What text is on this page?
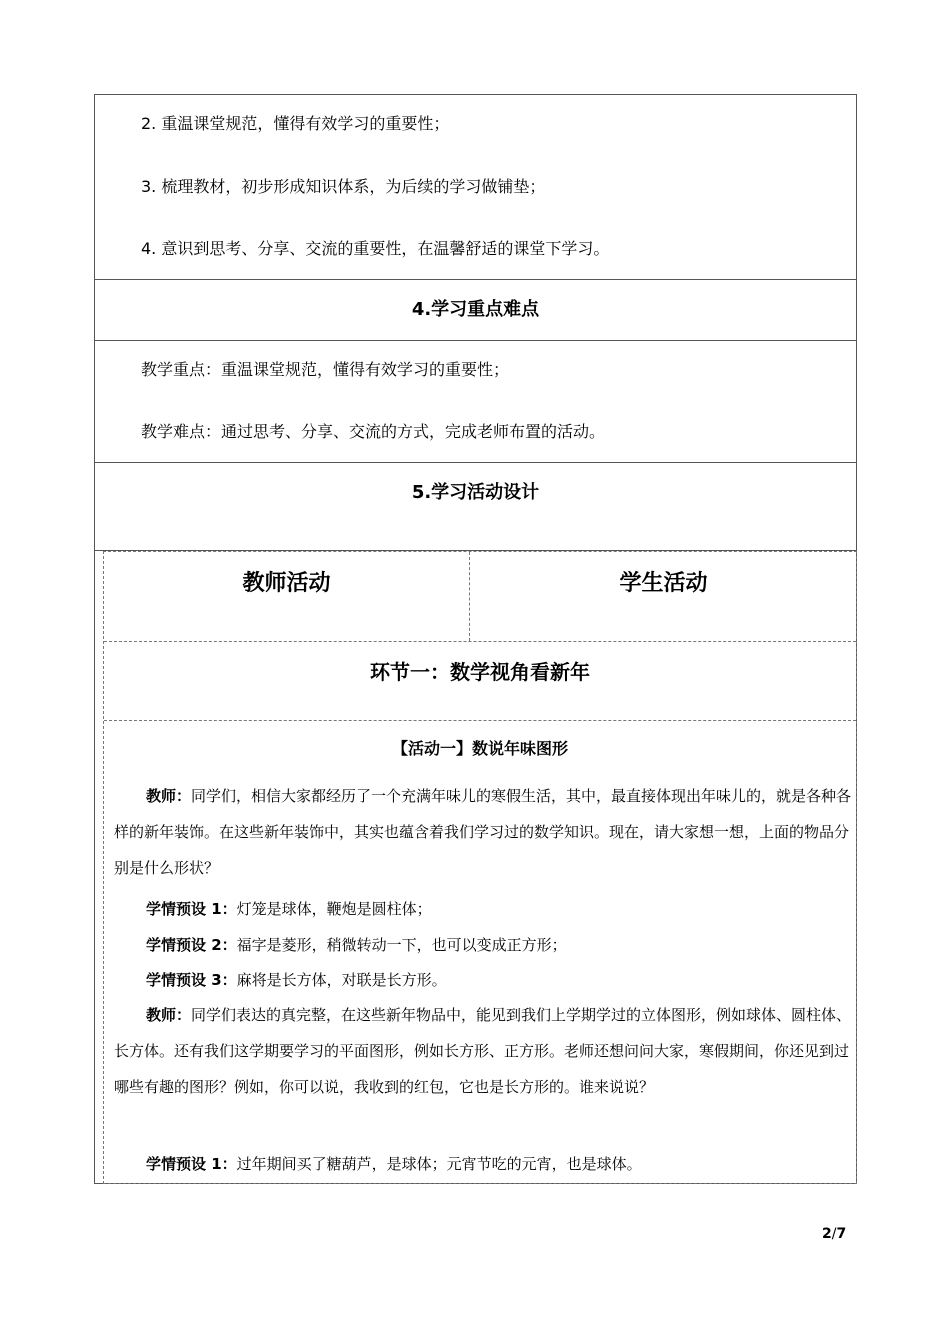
2. 重温课堂规范，懂得有效学习的重要性；
3. 梳理教材，初步形成知识体系，为后续的学习做铺垫；
4. 意识到思考、分享、交流的重要性，在温馨舒适的课堂下学习。
4.学习重点难点
教学重点：重温课堂规范，懂得有效学习的重要性；
教学难点：通过思考、分享、交流的方式，完成老师布置的活动。
5.学习活动设计
教师活动	学生活动
环节一：数学视角看新年
【活动一】数说年味图形
教师：同学们，相信大家都经历了一个充满年味儿的寒假生活，其中，最直接体现出年味儿的，就是各种各样的新年装饰。在这些新年装饰中，其实也蕴含着我们学习过的数学知识。现在，请大家想一想，上面的物品分别是什么形状？
学情预设 1：灯笼是球体，鞭炮是圆柱体；
学情预设 2：福字是菱形，稍微转动一下，也可以变成正方形；
学情预设 3：麻将是长方体，对联是长方形。
教师：同学们表达的真完整，在这些新年物品中，能见到我们上学期学过的立体图形，例如球体、圆柱体、长方体。还有我们这学期要学习的平面图形，例如长方形、正方形。老师还想问问大家，寒假期间，你还见到过哪些有趣的图形？例如，你可以说，我收到的红包，它也是长方形的。谁来说说？
学情预设 1：过年期间买了糖葫芦，是球体；元宵节吃的元宵，也是球体。
2/7
